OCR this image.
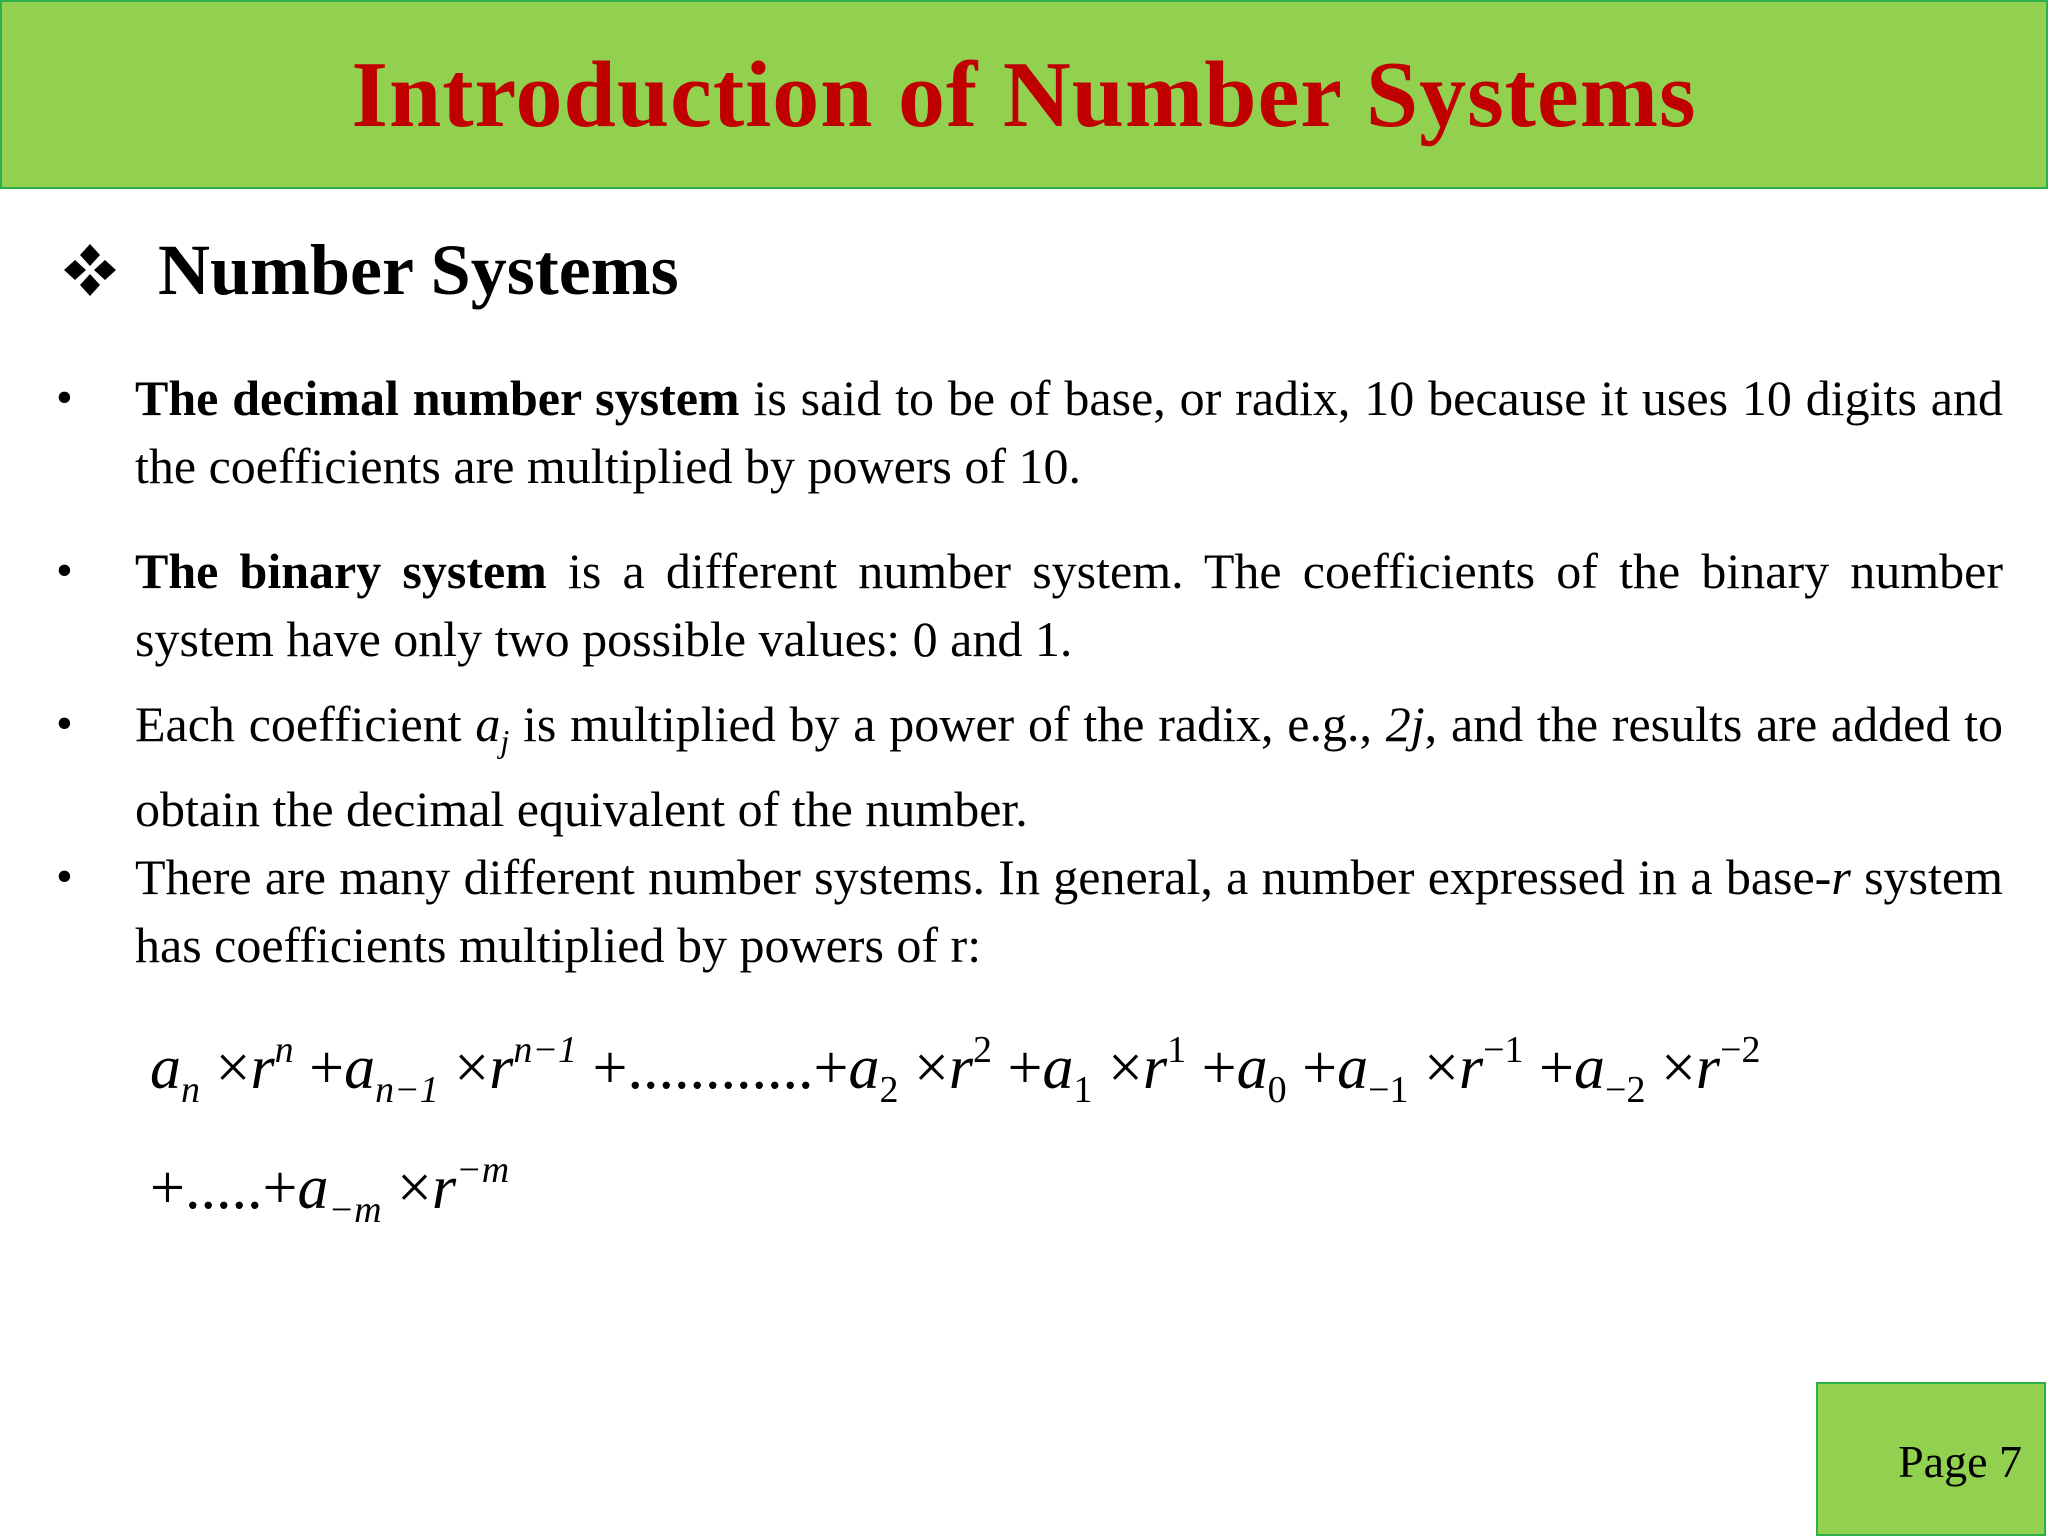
Introduction of Number Systems
Number Systems
• The decimal number system is said to be of base, or radix, 10 because it uses 10 digits and the coefficients are multiplied by powers of 10.
• The binary system is a different number system. The coefficients of the binary number system have only two possible values: 0 and 1.
• Each coefficient $a_j$ is multiplied by a power of the radix, e.g., 2j, and the results are added to obtain the decimal equivalent of the number.
• There are many different number systems. In general, a number expressed in a base-r system has coefficients multiplied by powers of r:
$a_n \times r^n +a_{n-1} \times r^{n-1} +............+a_2 \times r^2 +a_1 \times r^1 +a_0 +a_{-1} \times r^{-1} +a_{-2} \times r^{-2}$
$+.....+a_{-m} \times r^{-m}$
Page 7
